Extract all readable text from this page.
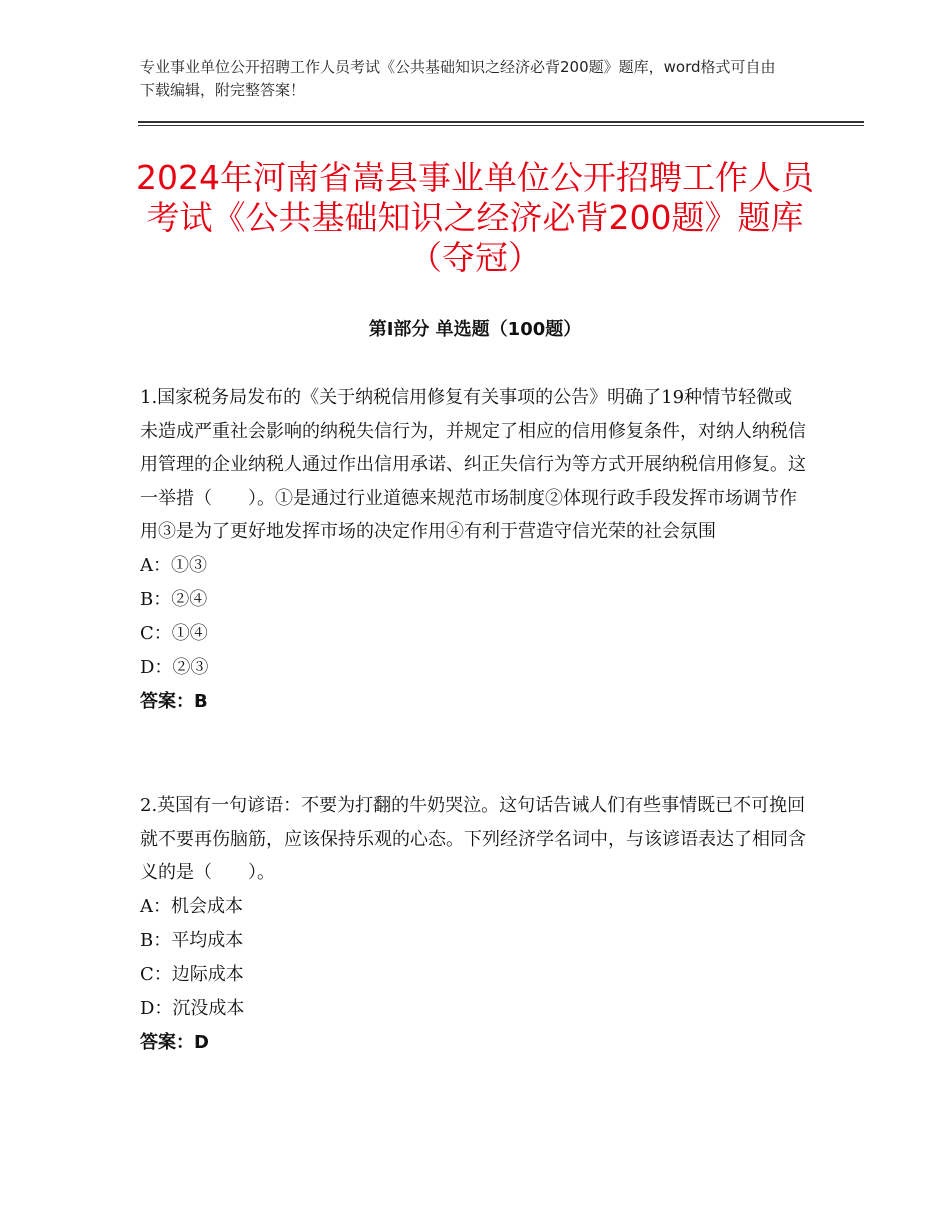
专业事业单位公开招聘工作人员考试《公共基础知识之经济必背200题》题库，word格式可自由下载编辑，附完整答案！
2024年河南省嵩县事业单位公开招聘工作人员考试《公共基础知识之经济必背200题》题库（夺冠）
第Ⅰ部分 单选题（100题）

1.国家税务局发布的《关于纳税信用修复有关事项的公告》明确了19种情节轻微或未造成严重社会影响的纳税失信行为，并规定了相应的信用修复条件，对纳人纳税信用管理的企业纳税人通过作出信用承诺、纠正失信行为等方式开展纳税信用修复。这一举措（　　）。①是通过行业道德来规范市场制度②体现行政手段发挥市场调节作用③是为了更好地发挥市场的决定作用④有利于营造守信光荣的社会氛围

A：①③

B：②④

C：①④

D：②③

答案：B

2.英国有一句谚语：不要为打翻的牛奶哭泣。这句话告诫人们有些事情既已不可挽回就不要再伤脑筋，应该保持乐观的心态。下列经济学名词中，与该谚语表达了相同含义的是（　　）。

A：机会成本

B：平均成本

C：边际成本

D：沉没成本

答案：D
